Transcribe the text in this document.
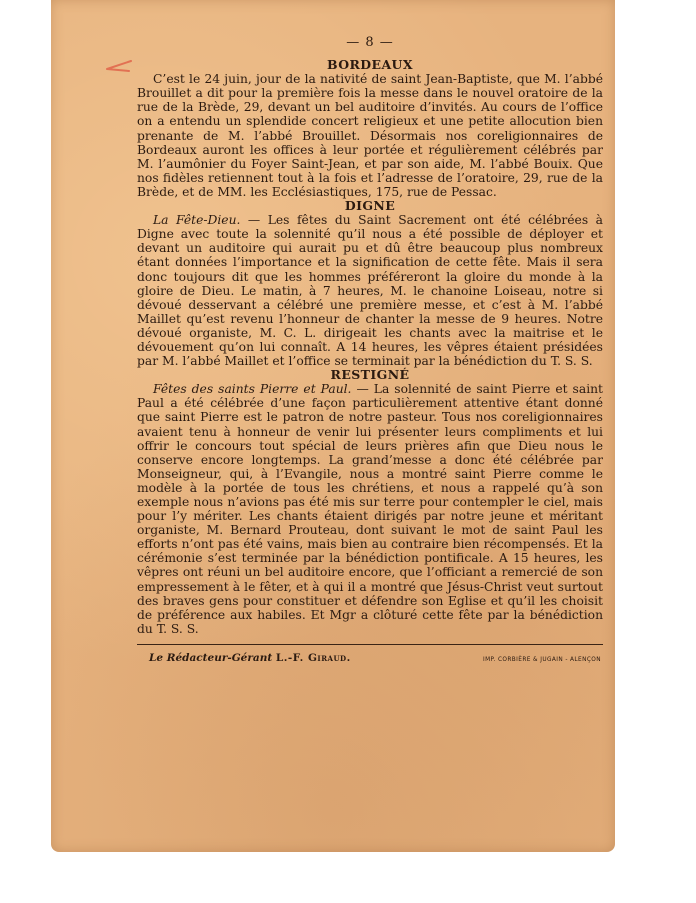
— 8 —
BORDEAUX

C’est le 24 juin, jour de la nativité de saint Jean-Baptiste, que M. l’abbé Brouillet a dit pour la première fois la messe dans le nouvel oratoire de la rue de la Brède, 29, devant un bel auditoire d’invités. Au cours de l’office on a entendu un splendide concert religieux et une petite allocution bien prenante de M. l’abbé Brouillet. Désormais nos coreligionnaires de Bordeaux auront les offices à leur portée et régulièrement célébrés par M. l’aumônier du Foyer Saint-Jean, et par son aide, M. l’abbé Bouix. Que nos fidèles retiennent tout à la fois et l’adresse de l’oratoire, 29, rue de la Brède, et de MM. les Ecclésiastiques, 175, rue de Pessac.

DIGNE

La Fête-Dieu. — Les fêtes du Saint Sacrement ont été célébrées à Digne avec toute la solennité qu’il nous a été possible de déployer et devant un auditoire qui aurait pu et dû être beaucoup plus nombreux étant données l’importance et la signification de cette fête. Mais il sera donc toujours dit que les hommes préféreront la gloire du monde à la gloire de Dieu. Le matin, à 7 heures, M. le chanoine Loiseau, notre si dévoué desservant a célébré une première messe, et c’est à M. l’abbé Maillet qu’est revenu l’honneur de chanter la messe de 9 heures. Notre dévoué organiste, M. C. L. dirigeait les chants avec la maitrise et le dévouement qu’on lui connaît. A 14 heures, les vêpres étaient présidées par M. l’abbé Maillet et l’office se terminait par la bénédiction du T. S. S.

RESTIGNÉ

Fêtes des saints Pierre et Paul. — La solennité de saint Pierre et saint Paul a été célébrée d’une façon particulièrement attentive étant donné que saint Pierre est le patron de notre pasteur. Tous nos coreligionnaires avaient tenu à honneur de venir lui présenter leurs compliments et lui offrir le concours tout spécial de leurs prières afin que Dieu nous le conserve encore longtemps. La grand’messe a donc été célébrée par Monseigneur, qui, à l’Evangile, nous a montré saint Pierre comme le modèle à la portée de tous les chrétiens, et nous a rappelé qu’à son exemple nous n’avions pas été mis sur terre pour contempler le ciel, mais pour l’y mériter. Les chants étaient dirigés par notre jeune et méritant organiste, M. Bernard Prouteau, dont suivant le mot de saint Paul les efforts n’ont pas été vains, mais bien au contraire bien récompensés. Et la cérémonie s’est terminée par la bénédiction pontificale. A 15 heures, les vêpres ont réuni un bel auditoire encore, que l’officiant a remercié de son empressement à le fêter, et à qui il a montré que Jésus-Christ veut surtout des braves gens pour constituer et défendre son Eglise et qu’il les choisit de préférence aux habiles. Et Mgr a clôturé cette fête par la bénédiction du T. S. S.

Le Rédacteur-Gérant L.-F. Giraud.	IMP. CORBIÈRE & JUGAIN - ALENÇON
